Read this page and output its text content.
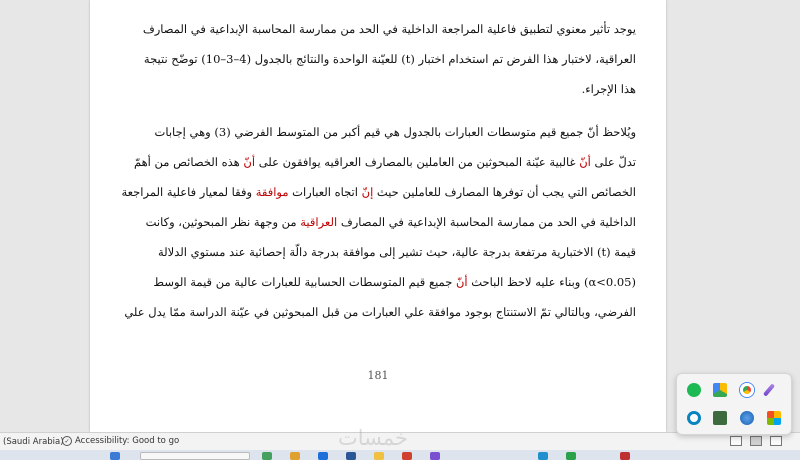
يوجد تأثير معنوي لتطبيق فاعلية المراجعة الداخلية في الحد من ممارسة المحاسبة الإبداعية في المصارف
العراقية، لاختبار هذا الفرض تم استخدام اختبار (t) للعيّنة الواحدة والنتائج بالجدول (4–3–10) توضّح نتيجة
هذا الإجراء.
ويُلاحظ أنّ جميع قيم متوسطات العبارات بالجدول هي قيم أكبر من المتوسط الفرضي (3) وهي إجابات
تدلّ على أنّ غالبية عيّنة المبحوثين من العاملين بالمصارف العراقيه يوافقون على أنّ هذه الخصائص من أهمّ
الخصائص التي يجب أن توفرها المصارف للعاملين حيث إنّ اتجاه العبارات موافقة وفقا لمعيار فاعلية المراجعة
الداخلية في الحد من ممارسة المحاسبة الإبداعية في المصارف العراقية من وجهة نظر المبحوثين، وكانت
قيمة (t) الاختبارية مرتفعة بدرجة عالية، حيث تشير إلى موافقة بدرجة دالّة إحصائية عند مستوي الدلالة
(α<0.05) وبناء عليه لاحظ الباحث أنّ جميع قيم المتوسطات الحسابية للعبارات عالية من قيمة الوسط
الفرضي، وبالتالي تمّ الاستنتاج بوجود موافقة علي العبارات من قبل المبحوثين في عيّنة الدراسة ممّا يدل علي
181
(Saudi Arabia) ✓ Accessibility: Good to go	خمسات
